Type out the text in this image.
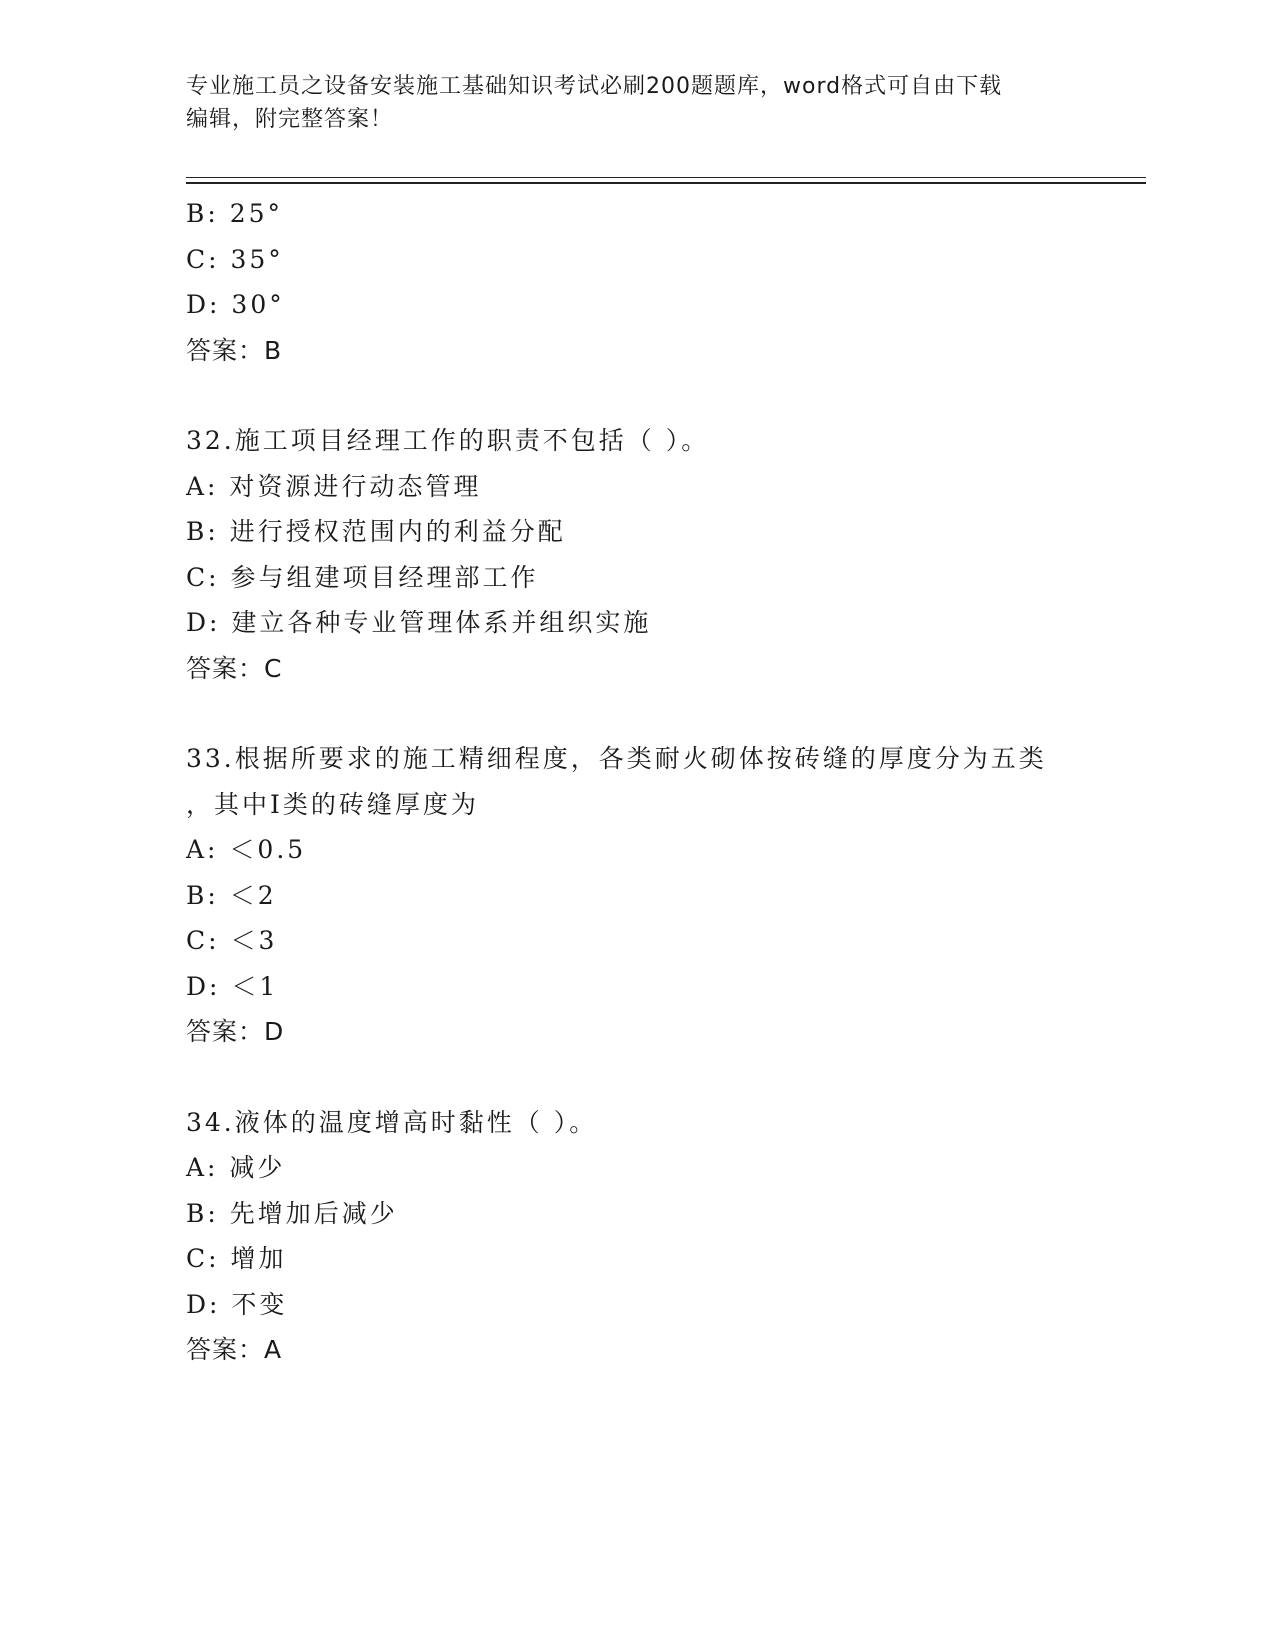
专业施工员之设备安装施工基础知识考试必刷200题题库，word格式可自由下载
编辑，附完整答案！
B: 25°
C: 35°
D: 30°
答案：B
32.施工项目经理工作的职责不包括（ ）。
A: 对资源进行动态管理
B: 进行授权范围内的利益分配
C: 参与组建项目经理部工作
D: 建立各种专业管理体系并组织实施
答案：C
33.根据所要求的施工精细程度，各类耐火砌体按砖缝的厚度分为五类
，其中Ⅰ类的砖缝厚度为
A: ＜0.5
B: ＜2
C: ＜3
D: ＜1
答案：D
34.液体的温度增高时黏性（ ）。
A: 减少
B: 先增加后减少
C: 增加
D: 不变
答案：A
